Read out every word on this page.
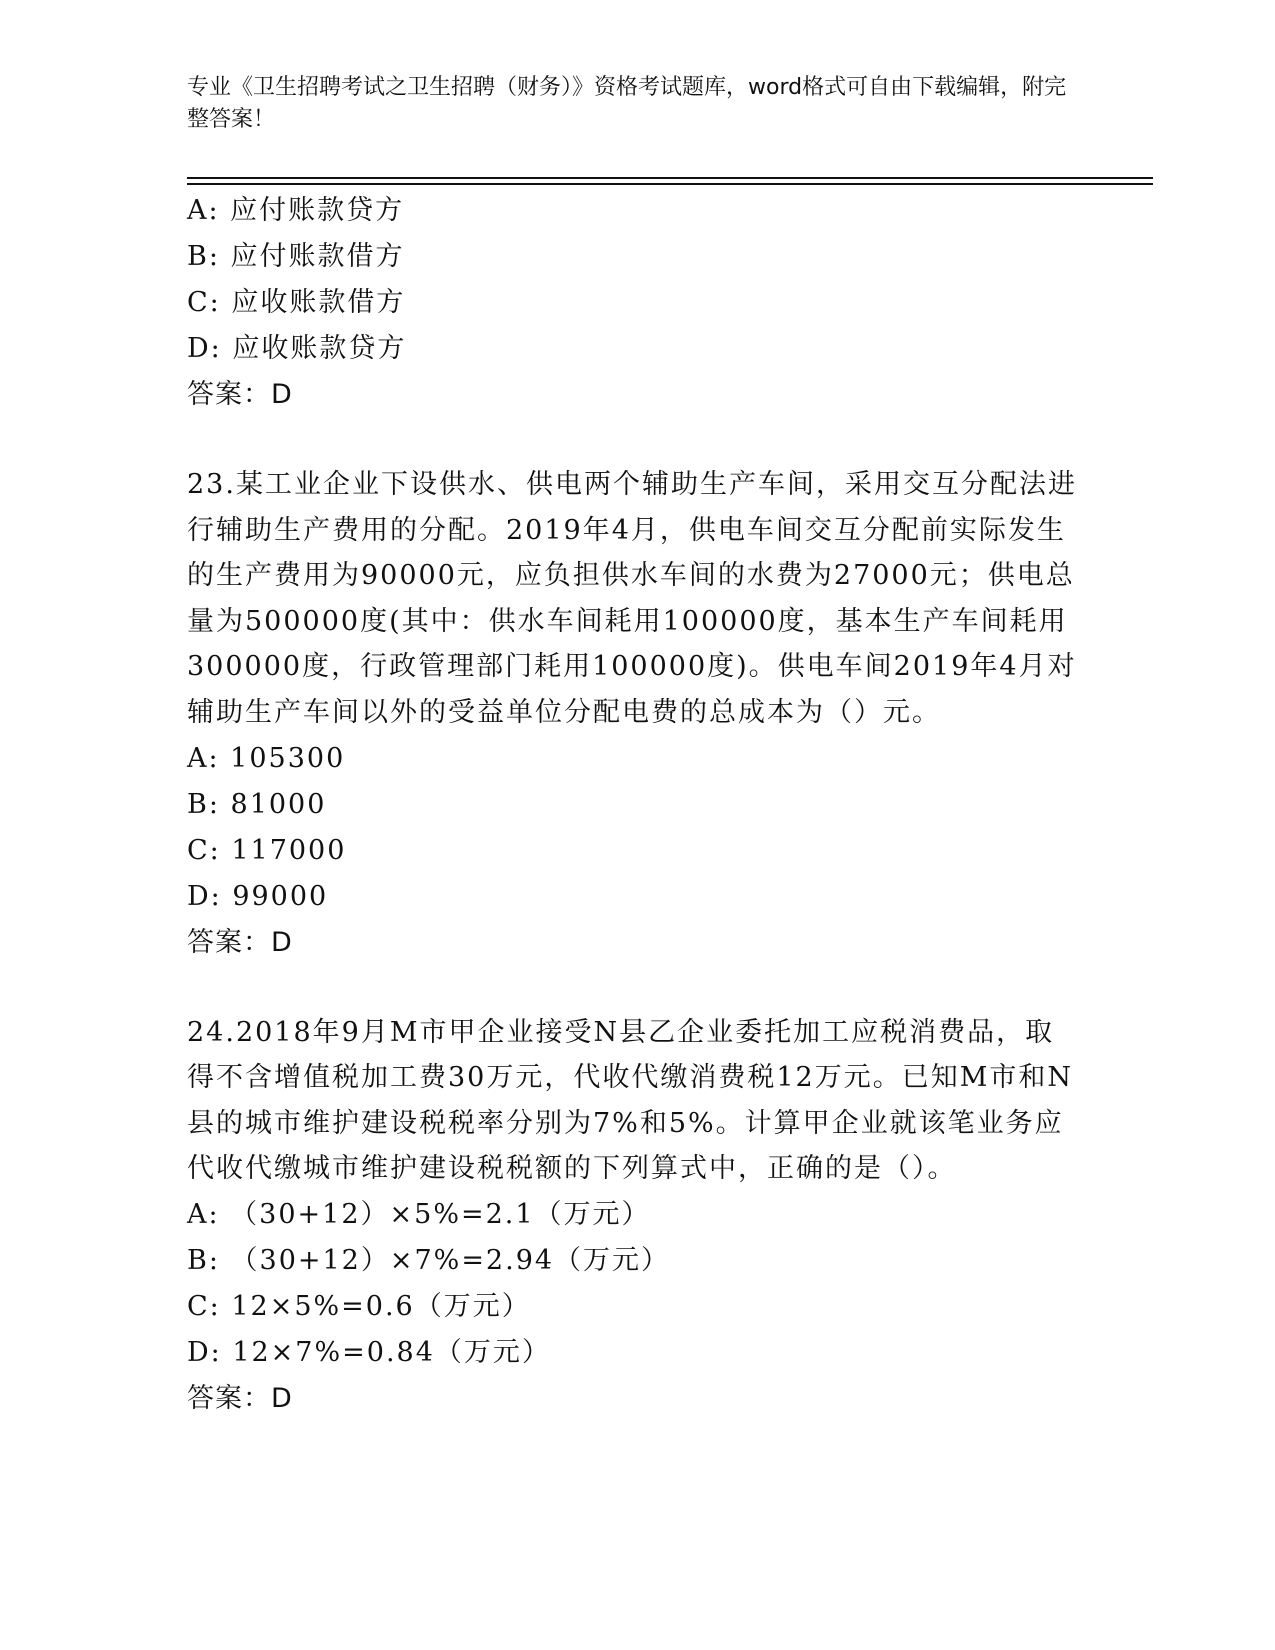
专业《卫生招聘考试之卫生招聘（财务）》资格考试题库，word格式可自由下载编辑，附完整答案！
A: 应付账款贷方
B: 应付账款借方
C: 应收账款借方
D: 应收账款贷方
答案：D
23.某工业企业下设供水、供电两个辅助生产车间，采用交互分配法进行辅助生产费用的分配。2019年4月，供电车间交互分配前实际发生的生产费用为90000元，应负担供水车间的水费为27000元；供电总量为500000度(其中：供水车间耗用100000度，基本生产车间耗用300000度，行政管理部门耗用100000度)。供电车间2019年4月对辅助生产车间以外的受益单位分配电费的总成本为（）元。
A: 105300
B: 81000
C: 117000
D: 99000
答案：D
24.2018年9月M市甲企业接受N县乙企业委托加工应税消费品，取得不含增值税加工费30万元，代收代缴消费税12万元。已知M市和N县的城市维护建设税税率分别为7%和5%。计算甲企业就该笔业务应代收代缴城市维护建设税税额的下列算式中，正确的是（）。
A: （30+12）×5%=2.1（万元）
B: （30+12）×7%=2.94（万元）
C: 12×5%=0.6（万元）
D: 12×7%=0.84（万元）
答案：D
